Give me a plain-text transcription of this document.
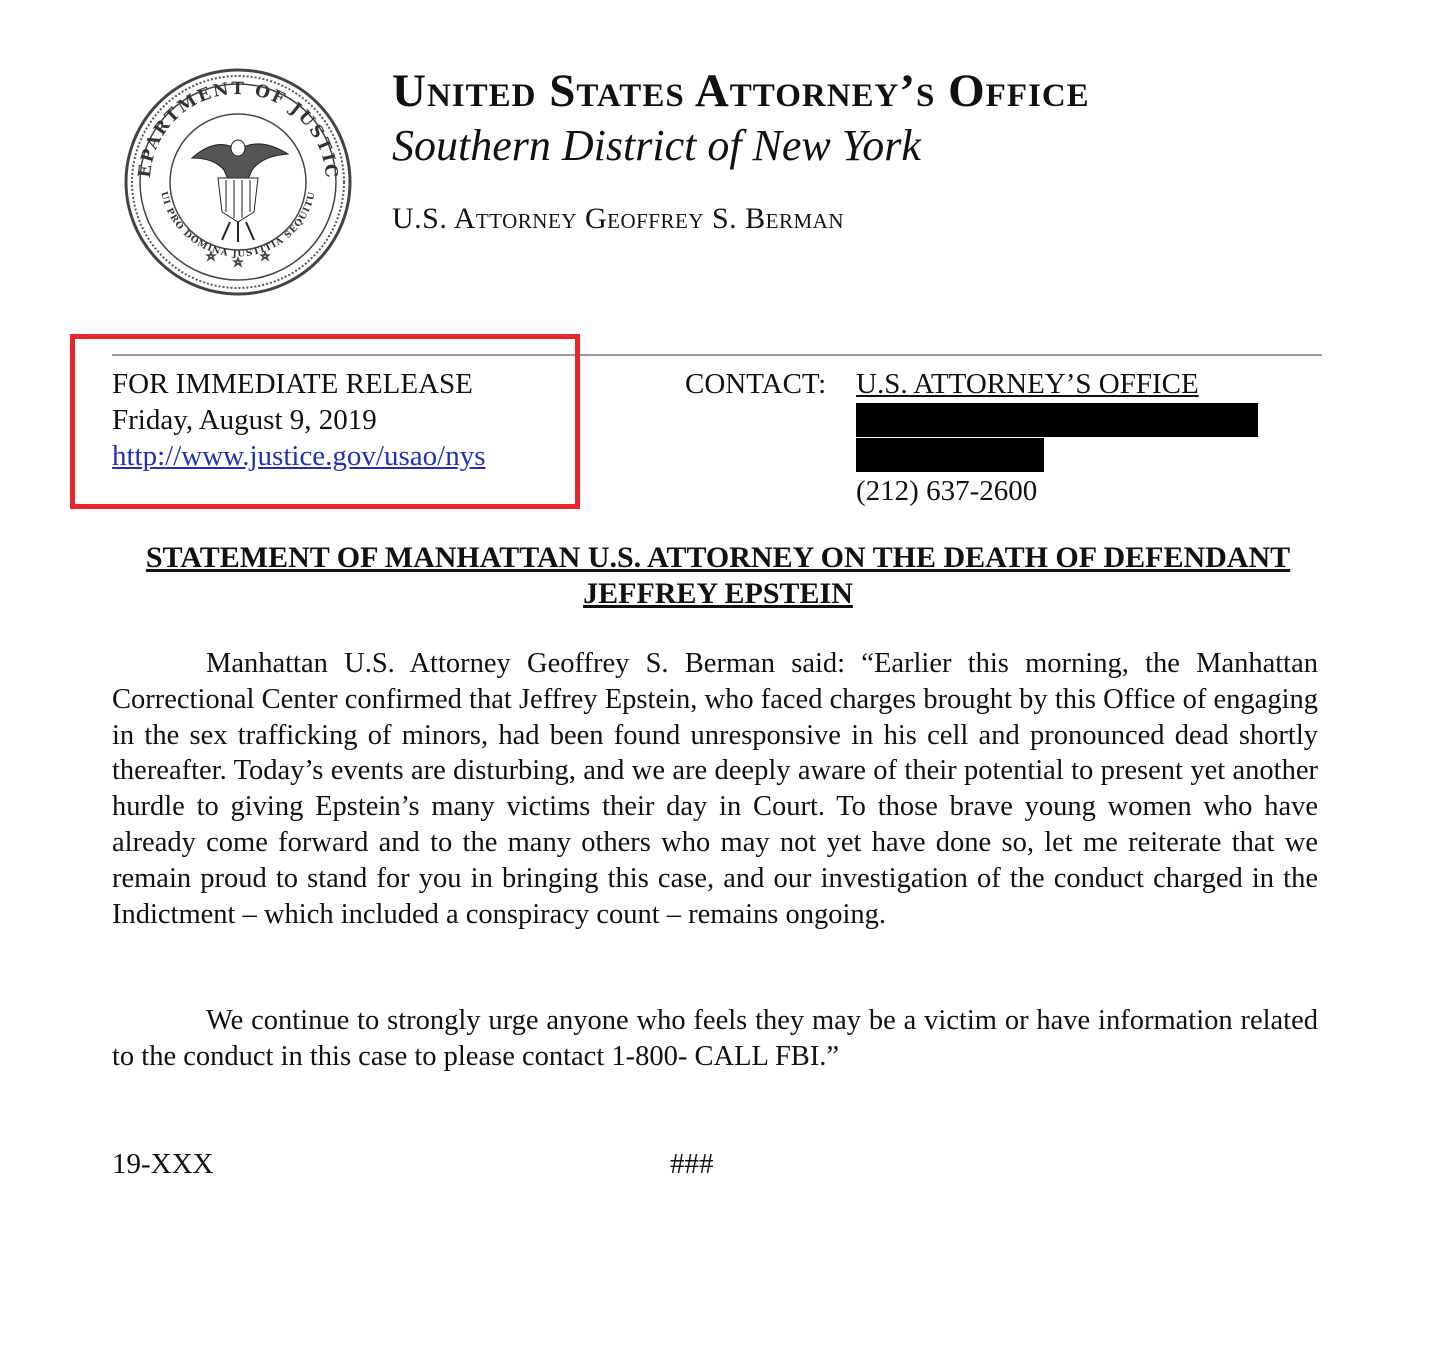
EPARTMENT OF JUSTIC
UI PRO DOMINA JUSTITIA SEQUITU
United States Attorney’s Office
Southern District of New York
U.S. Attorney Geoffrey S. Berman
FOR IMMEDIATE RELEASE
Friday, August 9, 2019
http://www.justice.gov/usao/nys
CONTACT: U.S. ATTORNEY’S OFFICE
(212) 637-2600
STATEMENT OF MANHATTAN U.S. ATTORNEY ON THE DEATH OF DEFENDANT JEFFREY EPSTEIN
Manhattan U.S. Attorney Geoffrey S. Berman said: “Earlier this morning, the Manhattan Correctional Center confirmed that Jeffrey Epstein, who faced charges brought by this Office of engaging in the sex trafficking of minors, had been found unresponsive in his cell and pronounced dead shortly thereafter. Today’s events are disturbing, and we are deeply aware of their potential to present yet another hurdle to giving Epstein’s many victims their day in Court. To those brave young women who have already come forward and to the many others who may not yet have done so, let me reiterate that we remain proud to stand for you in bringing this case, and our investigation of the conduct charged in the Indictment – which included a conspiracy count – remains ongoing.
We continue to strongly urge anyone who feels they may be a victim or have information related to the conduct in this case to please contact 1-800- CALL FBI.”
19-XXX	###
